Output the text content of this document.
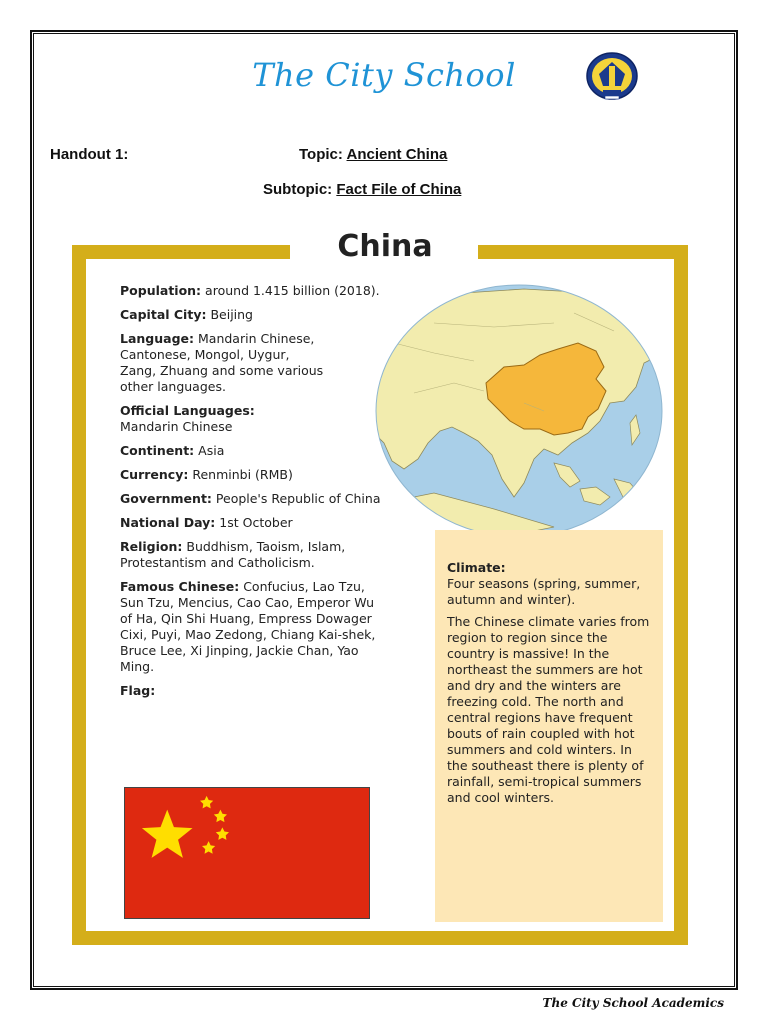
The City School
Handout 1:	Topic: Ancient China
Subtopic: Fact File of China
China

Population: around 1.415 billion (2018).

Capital City: Beijing

Language: Mandarin Chinese, Cantonese, Mongol, Uygur, Zang, Zhuang and some various other languages.

Official Languages:
Mandarin Chinese

Continent: Asia

Currency: Renminbi (RMB)

Government: People's Republic of China

National Day: 1st October

Religion: Buddhism, Taoism, Islam, Protestantism and Catholicism.

Famous Chinese: Confucius, Lao Tzu, Sun Tzu, Mencius, Cao Cao, Emperor Wu of Ha, Qin Shi Huang, Empress Dowager Cixi, Puyi, Mao Zedong, Chiang Kai-shek, Bruce Lee, Xi Jinping, Jackie Chan, Yao Ming.

Flag:

Climate:

Four seasons (spring, summer, autumn and winter).

The Chinese climate varies from region to region since the country is massive! In the northeast the summers are hot and dry and the winters are freezing cold. The north and central regions have frequent bouts of rain coupled with hot summers and cold winters. In the southeast there is plenty of rainfall, semi-tropical summers and cool winters.

The City School Academics
